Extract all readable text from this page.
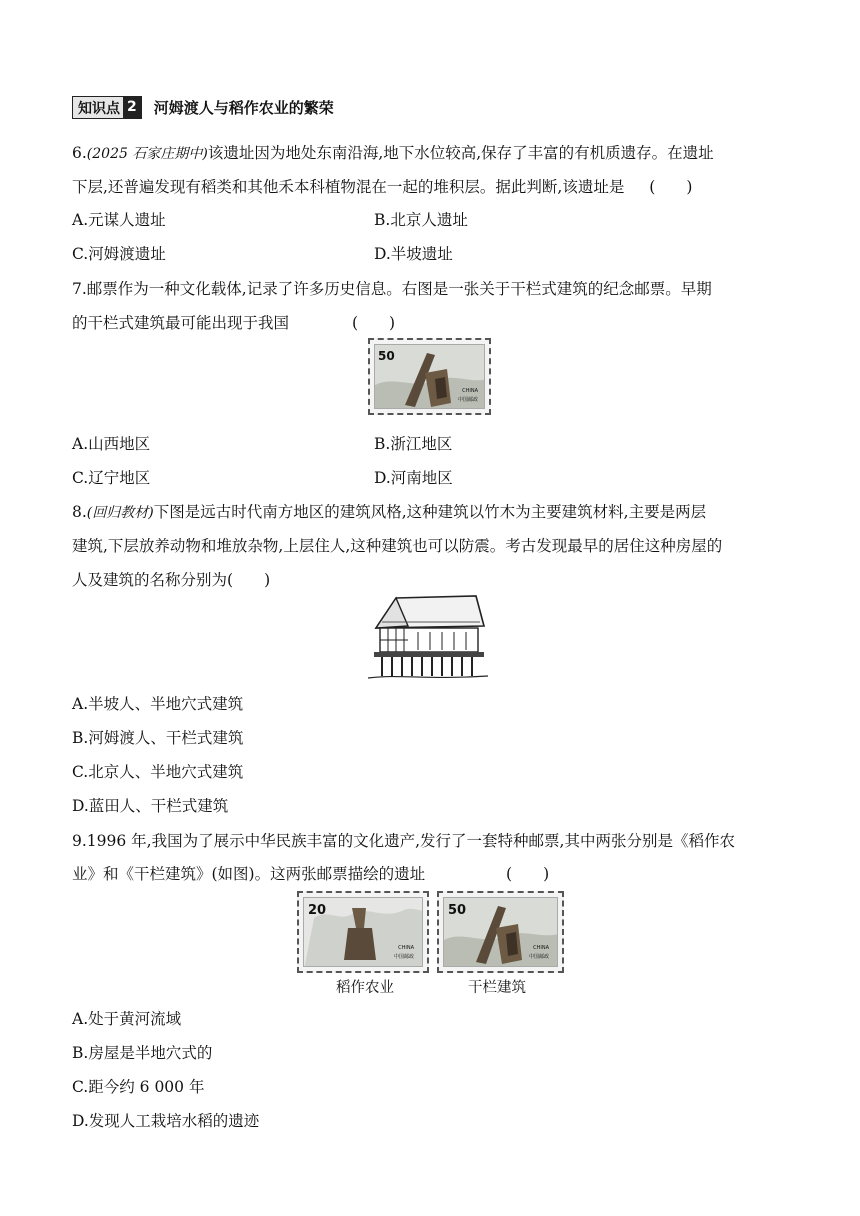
知识点 2 河姆渡人与稻作农业的繁荣
6.(2025 石家庄期中)该遗址因为地处东南沿海,地下水位较高,保存了丰富的有机质遗存。在遗址
下层,还普遍发现有稻类和其他禾本科植物混在一起的堆积层。据此判断,该遗址是 (　　)
A.元谋人遗址	B.北京人遗址
C.河姆渡遗址	D.半坡遗址
7.邮票作为一种文化载体,记录了许多历史信息。右图是一张关于干栏式建筑的纪念邮票。早期
的干栏式建筑最可能出现于我国	(　　)
50
CHINA
中国邮政
A.山西地区	B.浙江地区
C.辽宁地区	D.河南地区
8.(回归教材)下图是远古时代南方地区的建筑风格,这种建筑以竹木为主要建筑材料,主要是两层
建筑,下层放养动物和堆放杂物,上层住人,这种建筑也可以防震。考古发现最早的居住这种房屋的
人及建筑的名称分别为(　　)
A.半坡人、半地穴式建筑
B.河姆渡人、干栏式建筑
C.北京人、半地穴式建筑
D.蓝田人、干栏式建筑
9.1996 年,我国为了展示中华民族丰富的文化遗产,发行了一套特种邮票,其中两张分别是《稻作农
业》和《干栏建筑》(如图)。这两张邮票描绘的遗址	(　　)
20
CHINA
中国邮政
稻作农业
50
CHINA
中国邮政
干栏建筑
A.处于黄河流域
B.房屋是半地穴式的
C.距今约 6 000 年
D.发现人工栽培水稻的遗迹
